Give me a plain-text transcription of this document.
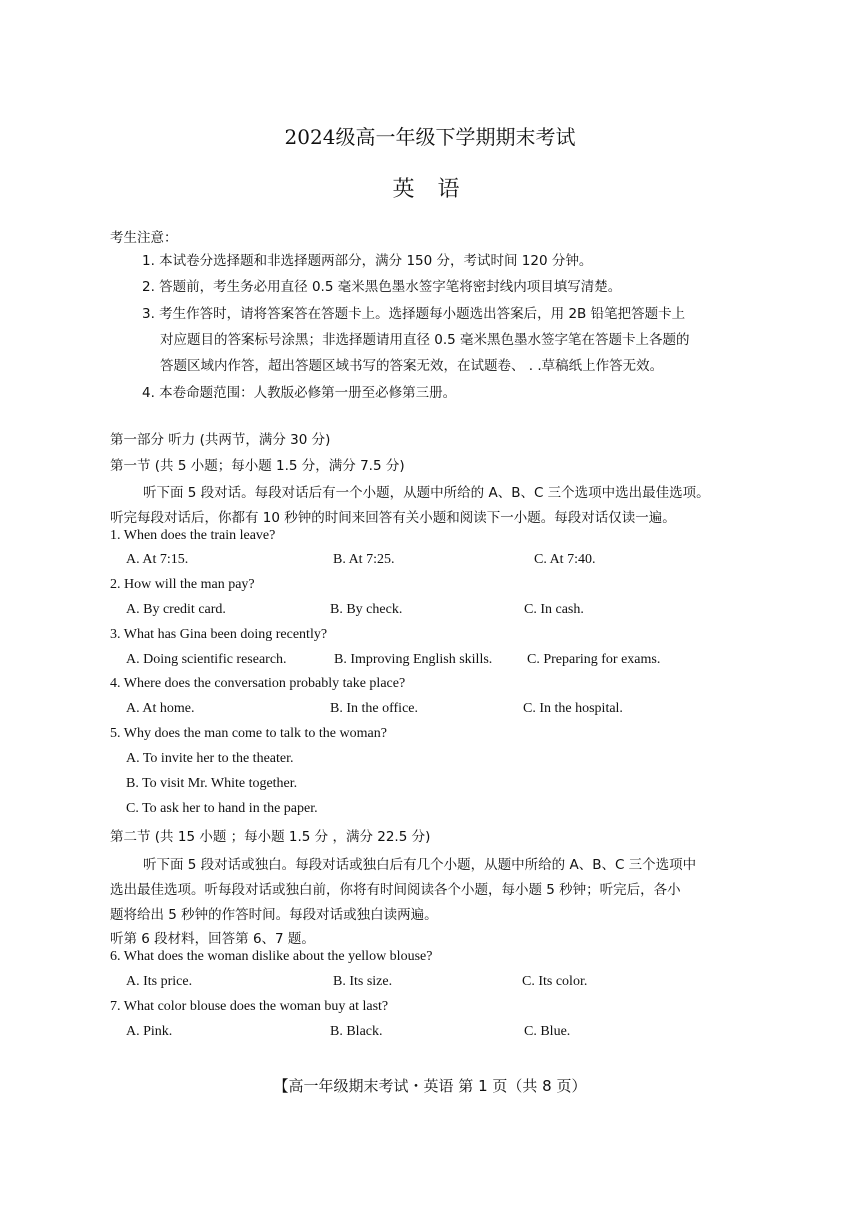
2024级高一年级下学期期末考试
英 语
考生注意：
1. 本试卷分选择题和非选择题两部分，满分 150 分，考试时间 120 分钟。
2. 答题前，考生务必用直径 0.5 毫米黑色墨水签字笔将密封线内项目填写清楚。
3. 考生作答时，请将答案答在答题卡上。选择题每小题选出答案后，用 2B 铅笔把答题卡上
对应题目的答案标号涂黑；非选择题请用直径 0.5 毫米黑色墨水签字笔在答题卡上各题的
答题区域内作答，超出答题区域书写的答案无效，在试题卷、 . .草稿纸上作答无效。
4. 本卷命题范围：人教版必修第一册至必修第三册。
第一部分 听力 (共两节，满分 30 分)
第一节 (共 5 小题；每小题 1.5 分，满分 7.5 分)
听下面 5 段对话。每段对话后有一个小题，从题中所给的 A、B、C 三个选项中选出最佳选项。
听完每段对话后，你都有 10 秒钟的时间来回答有关小题和阅读下一小题。每段对话仅读一遍。
1. When does the train leave?
A. At 7:15.	B. At 7:25.	C. At 7:40.
2. How will the man pay?
A. By credit card.	B. By check.	C. In cash.
3. What has Gina been doing recently?
A. Doing scientific research.	B. Improving English skills. C. Preparing for exams.
4. Where does the conversation probably take place?
A. At home.	B. In the office.	C. In the hospital.
5. Why does the man come to talk to the woman?
A. To invite her to the theater.
B. To visit Mr. White together.
C. To ask her to hand in the paper.
第二节 (共 15 小题 ；每小题 1.5 分 ，满分 22.5 分)
听下面 5 段对话或独白。每段对话或独白后有几个小题，从题中所给的 A、B、C 三个选项中
选出最佳选项。听每段对话或独白前，你将有时间阅读各个小题，每小题 5 秒钟；听完后，各小
题将给出 5 秒钟的作答时间。每段对话或独白读两遍。
听第 6 段材料，回答第 6、7 题。
6. What does the woman dislike about the yellow blouse?
A. Its price.	B. Its size.	C. Its color.
7. What color blouse does the woman buy at last?
A. Pink.	B. Black.	C. Blue.
【高一年级期末考试・英语 第 1 页（共 8 页）
